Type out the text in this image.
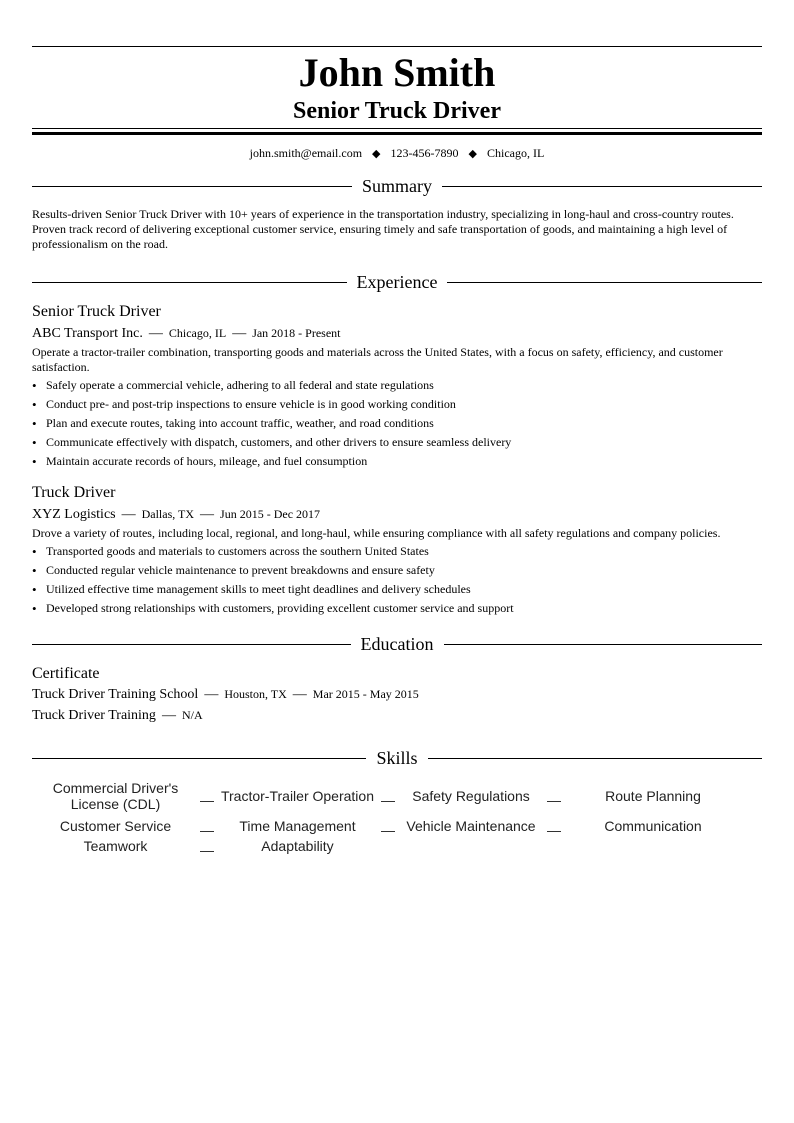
John Smith
Senior Truck Driver
john.smith@email.com ◆ 123-456-7890 ◆ Chicago, IL
Summary
Results-driven Senior Truck Driver with 10+ years of experience in the transportation industry, specializing in long-haul and cross-country routes. Proven track record of delivering exceptional customer service, ensuring timely and safe transportation of goods, and maintaining a high level of professionalism on the road.
Experience
Senior Truck Driver
ABC Transport Inc. — Chicago, IL — Jan 2018 - Present
Operate a tractor-trailer combination, transporting goods and materials across the United States, with a focus on safety, efficiency, and customer satisfaction.
• Safely operate a commercial vehicle, adhering to all federal and state regulations
• Conduct pre- and post-trip inspections to ensure vehicle is in good working condition
• Plan and execute routes, taking into account traffic, weather, and road conditions
• Communicate effectively with dispatch, customers, and other drivers to ensure seamless delivery
• Maintain accurate records of hours, mileage, and fuel consumption
Truck Driver
XYZ Logistics — Dallas, TX — Jun 2015 - Dec 2017
Drove a variety of routes, including local, regional, and long-haul, while ensuring compliance with all safety regulations and company policies.
• Transported goods and materials to customers across the southern United States
• Conducted regular vehicle maintenance to prevent breakdowns and ensure safety
• Utilized effective time management skills to meet tight deadlines and delivery schedules
• Developed strong relationships with customers, providing excellent customer service and support
Education
Certificate
Truck Driver Training School — Houston, TX — Mar 2015 - May 2015
Truck Driver Training — N/A
Skills
Commercial Driver's License (CDL)	— Tractor-Trailer Operation —	Safety Regulations	—	Route Planning
Customer Service	—	Time Management	— Vehicle Maintenance —	Communication
Teamwork	—	Adaptability
